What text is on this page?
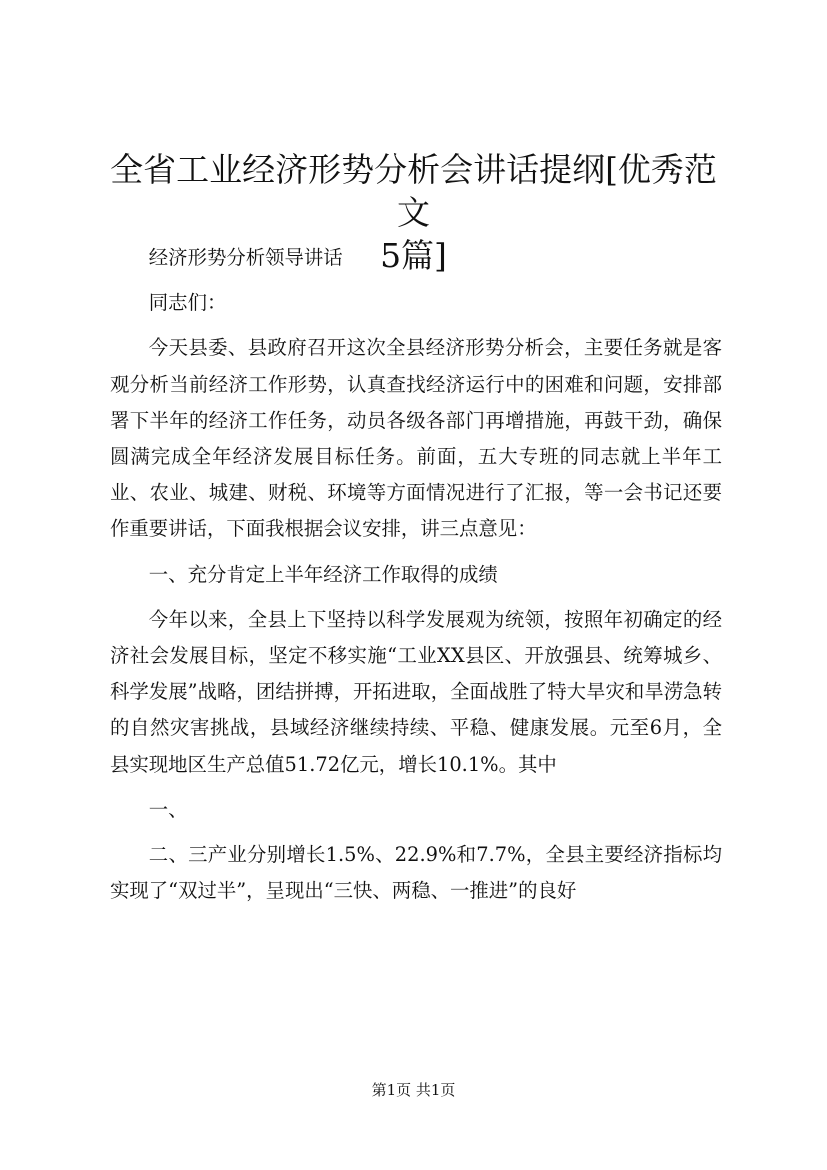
全省工业经济形势分析会讲话提纲[优秀范文
5篇]

经济形势分析领导讲话

同志们：

今天县委、县政府召开这次全县经济形势分析会，主要任务就是客观分析当前经济工作形势，认真查找经济运行中的困难和问题，安排部署下半年的经济工作任务，动员各级各部门再增措施，再鼓干劲，确保圆满完成全年经济发展目标任务。前面，五大专班的同志就上半年工业、农业、城建、财税、环境等方面情况进行了汇报，等一会书记还要作重要讲话，下面我根据会议安排，讲三点意见：

一、充分肯定上半年经济工作取得的成绩

今年以来，全县上下坚持以科学发展观为统领，按照年初确定的经济社会发展目标，坚定不移实施“工业XX县区、开放强县、统筹城乡、科学发展”战略，团结拼搏，开拓进取，全面战胜了特大旱灾和旱涝急转的自然灾害挑战，县域经济继续持续、平稳、健康发展。元至6月，全县实现地区生产总值51.72亿元，增长10.1%。其中

一、

二、三产业分别增长1.5%、22.9%和7.7%，全县主要经济指标均实现了“双过半”，呈现出“三快、两稳、一推进”的良好

第1页 共1页
